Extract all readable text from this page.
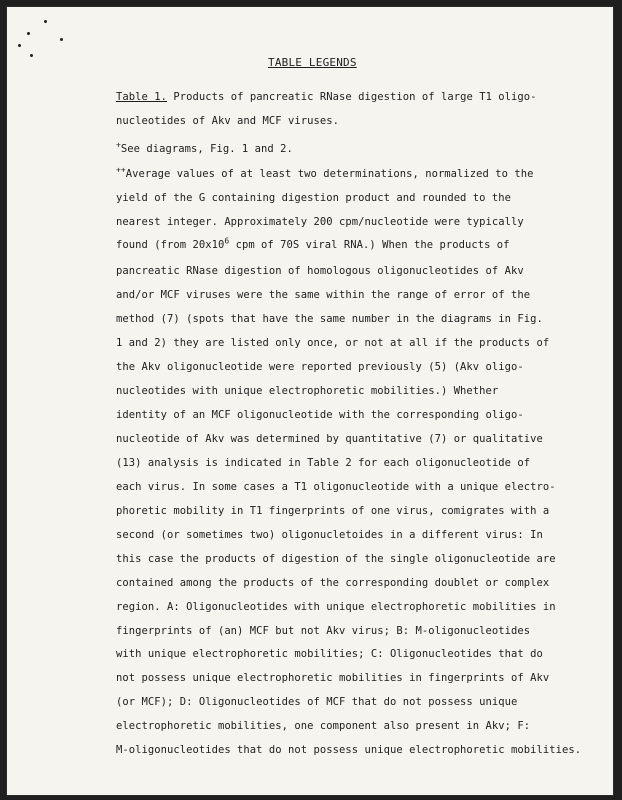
TABLE LEGENDS
Table 1. Products of pancreatic RNase digestion of large T1 oligo-
nucleotides of Akv and MCF viruses.
+See diagrams, Fig. 1 and 2.
++Average values of at least two determinations, normalized to the
yield of the G containing digestion product and rounded to the
nearest integer. Approximately 200 cpm/nucleotide were typically
found (from $20x10^6$ cpm of 70S viral RNA.) When the products of
pancreatic RNase digestion of homologous oligonucleotides of Akv
and/or MCF viruses were the same within the range of error of the
method (7) (spots that have the same number in the diagrams in Fig.
1 and 2) they are listed only once, or not at all if the products of
the Akv oligonucleotide were reported previously (5) (Akv oligo-
nucleotides with unique electrophoretic mobilities.) Whether
identity of an MCF oligonucleotide with the corresponding oligo-
nucleotide of Akv was determined by quantitative (7) or qualitative
(13) analysis is indicated in Table 2 for each oligonucleotide of
each virus. In some cases a T1 oligonucleotide with a unique electro-
phoretic mobility in T1 fingerprints of one virus, comigrates with a
second (or sometimes two) oligonucletoides in a different virus: In
this case the products of digestion of the single oligonucleotide are
contained among the products of the corresponding doublet or complex
region. A: Oligonucleotides with unique electrophoretic mobilities in
fingerprints of (an) MCF but not Akv virus; B: M-oligonucleotides
with unique electrophoretic mobilities; C: Oligonucleotides that do
not possess unique electrophoretic mobilities in fingerprints of Akv
(or MCF); D: Oligonucleotides of MCF that do not possess unique
electrophoretic mobilities, one component also present in Akv; F:
M-oligonucleotides that do not possess unique electrophoretic mobilities.
